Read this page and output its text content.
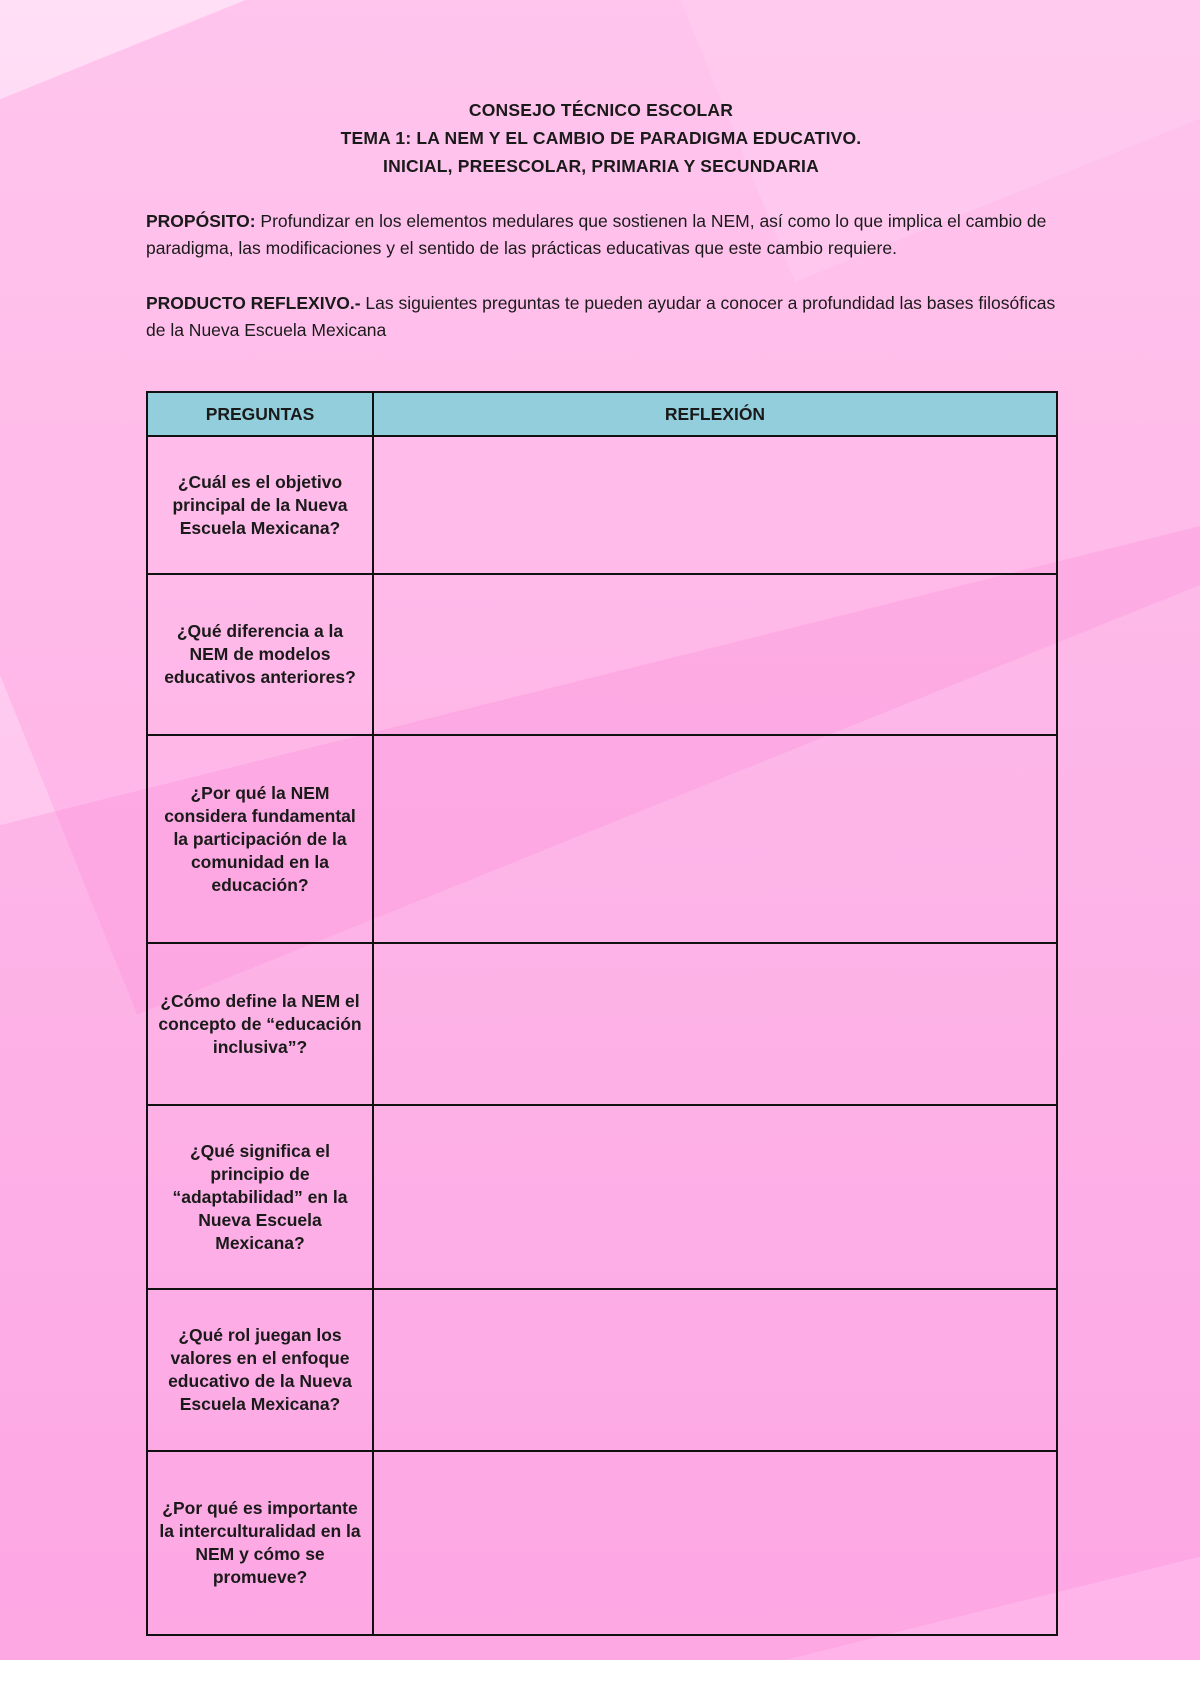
CONSEJO TÉCNICO ESCOLAR
TEMA 1: LA NEM Y EL CAMBIO DE PARADIGMA EDUCATIVO.
INICIAL, PREESCOLAR, PRIMARIA Y SECUNDARIA
PROPÓSITO: Profundizar en los elementos medulares que sostienen la NEM, así como lo que implica el cambio de paradigma, las modificaciones y el sentido de las prácticas educativas que este cambio requiere.
PRODUCTO REFLEXIVO.- Las siguientes preguntas te pueden ayudar a conocer a profundidad las bases filosóficas de la Nueva Escuela Mexicana
PREGUNTAS	REFLEXIÓN
¿Cuál es el objetivo principal de la Nueva Escuela Mexicana?	
¿Qué diferencia a la NEM de modelos educativos anteriores?	
¿Por qué la NEM considera fundamental la participación de la comunidad en la educación?	
¿Cómo define la NEM el concepto de “educación inclusiva”?	
¿Qué significa el principio de “adaptabilidad” en la Nueva Escuela Mexicana?	
¿Qué rol juegan los valores en el enfoque educativo de la Nueva Escuela Mexicana?	
¿Por qué es importante la interculturalidad en la NEM y cómo se promueve?	
